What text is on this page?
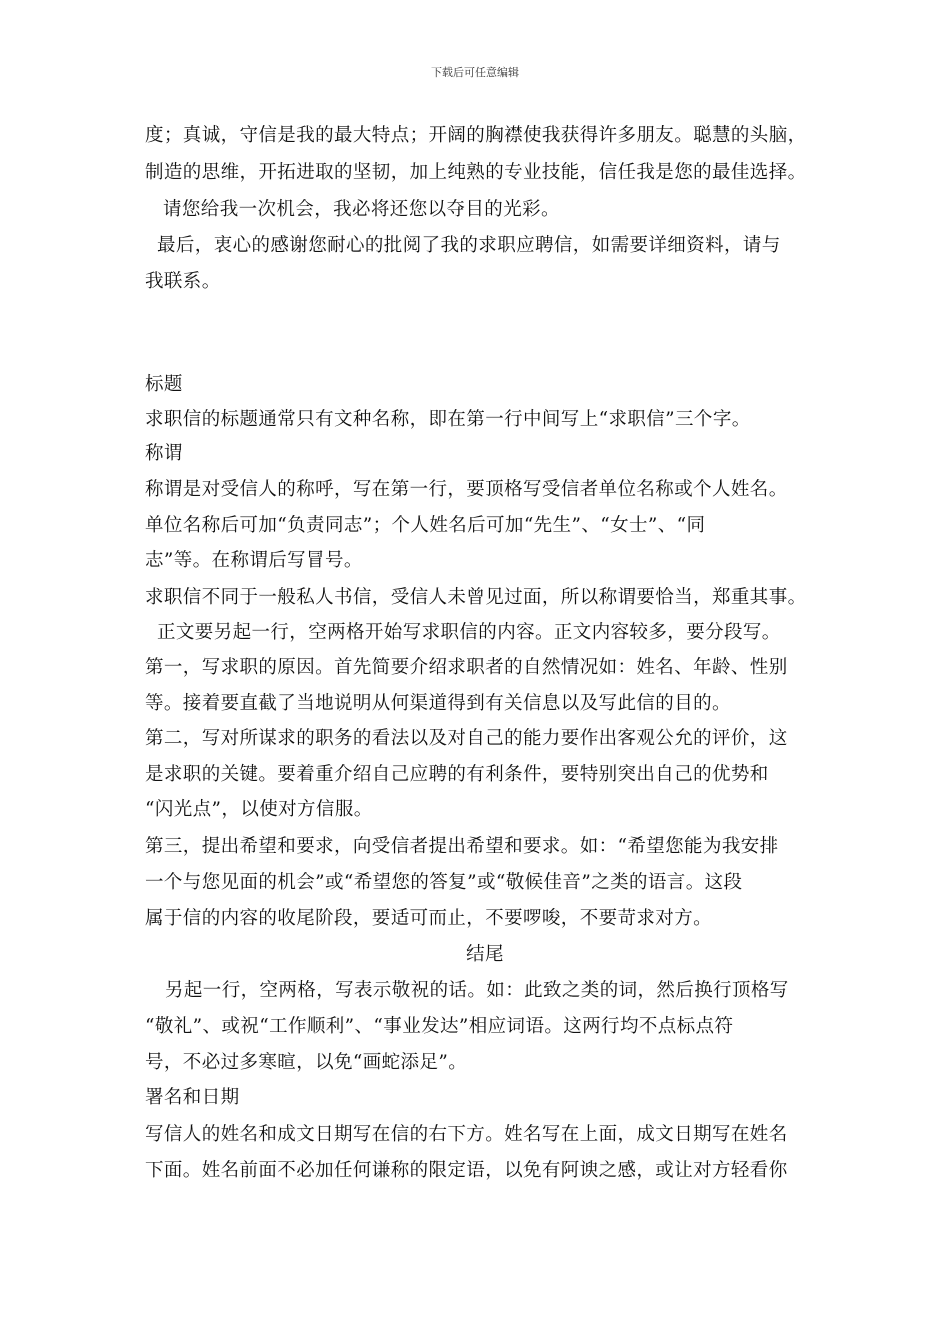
下载后可任意编辑
度；真诚，守信是我的最大特点；开阔的胸襟使我获得许多朋友。聪慧的头脑，
制造的思维，开拓进取的坚韧，加上纯熟的专业技能，信任我是您的最佳选择。
请您给我一次机会，我必将还您以夺目的光彩。
最后，衷心的感谢您耐心的批阅了我的求职应聘信，如需要详细资料，请与
我联系。
标题
求职信的标题通常只有文种名称，即在第一行中间写上“求职信”三个字。
称谓
称谓是对受信人的称呼，写在第一行，要顶格写受信者单位名称或个人姓名。
单位名称后可加“负责同志”；个人姓名后可加“先生”、“女士”、“同
志”等。在称谓后写冒号。
求职信不同于一般私人书信，受信人未曾见过面，所以称谓要恰当，郑重其事。
正文要另起一行，空两格开始写求职信的内容。正文内容较多，要分段写。
第一，写求职的原因。首先简要介绍求职者的自然情况如：姓名、年龄、性别
等。接着要直截了当地说明从何渠道得到有关信息以及写此信的目的。
第二，写对所谋求的职务的看法以及对自己的能力要作出客观公允的评价，这
是求职的关键。要着重介绍自己应聘的有利条件，要特别突出自己的优势和
“闪光点”，以使对方信服。
第三，提出希望和要求，向受信者提出希望和要求。如：“希望您能为我安排
一个与您见面的机会”或“希望您的答复”或“敬候佳音”之类的语言。这段
属于信的内容的收尾阶段，要适可而止，不要啰唆，不要苛求对方。
结尾
另起一行，空两格，写表示敬祝的话。如：此致之类的词，然后换行顶格写
“敬礼”、或祝“工作顺利”、“事业发达”相应词语。这两行均不点标点符
号，不必过多寒暄，以免“画蛇添足”。
署名和日期
写信人的姓名和成文日期写在信的右下方。姓名写在上面，成文日期写在姓名
下面。姓名前面不必加任何谦称的限定语，以免有阿谀之感，或让对方轻看你
